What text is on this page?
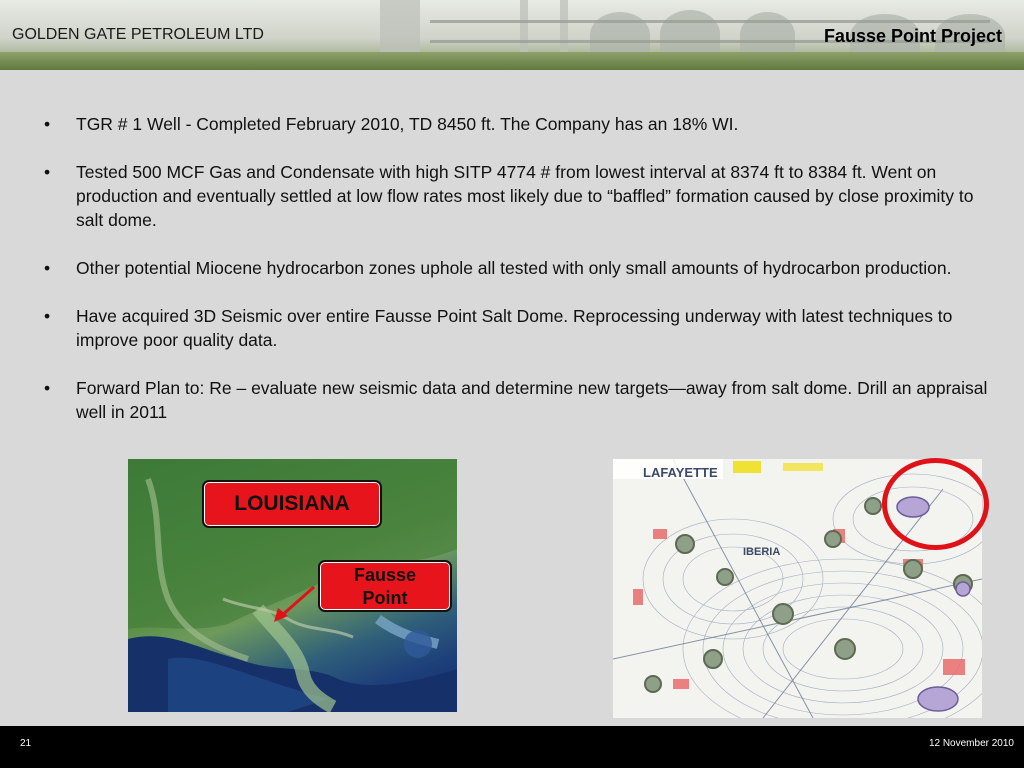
GOLDEN GATE PETROLEUM LTD	Fausse Point Project
• TGR # 1 Well - Completed February 2010, TD 8450 ft. The Company has an 18% WI.
• Tested 500 MCF Gas and Condensate with high SITP 4774 # from lowest interval at 8374 ft to 8384 ft. Went on production and eventually settled at low flow rates most likely due to “baffled” formation caused by close proximity to salt dome.
• Other potential Miocene hydrocarbon zones uphole all tested with only small amounts of hydrocarbon production.
• Have acquired 3D Seismic over entire Fausse Point Salt Dome. Reprocessing underway with latest techniques to improve poor quality data.
• Forward Plan to: Re – evaluate new seismic data and determine new targets—away from salt dome. Drill an appraisal well in 2011
LOUISIANA
Fausse
Point
LAFAYETTE
IBERIA
21	12 November 2010
